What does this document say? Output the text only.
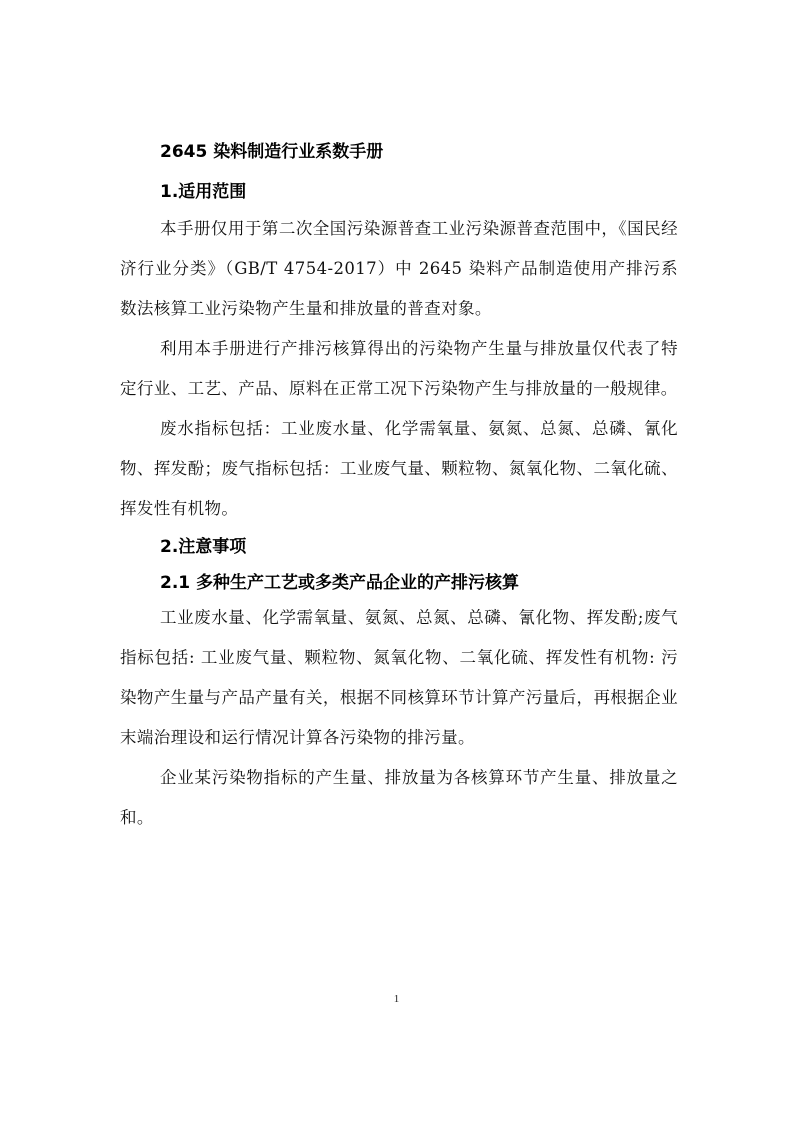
2645 染料制造行业系数手册
1.适用范围

本手册仅用于第二次全国污染源普查工业污染源普查范围中，《国民经济行业分类》（GB/T 4754-2017）中 2645 染料产品制造使用产排污系数法核算工业污染物产生量和排放量的普查对象。

利用本手册进行产排污核算得出的污染物产生量与排放量仅代表了特定行业、工艺、产品、原料在正常工况下污染物产生与排放量的一般规律。

废水指标包括：工业废水量、化学需氧量、氨氮、总氮、总磷、氰化物、挥发酚；废气指标包括：工业废气量、颗粒物、氮氧化物、二氧化硫、挥发性有机物。

2.注意事项
2.1 多种生产工艺或多类产品企业的产排污核算

工业废水量、化学需氧量、氨氮、总氮、总磷、氰化物、挥发酚;废气指标包括: 工业废气量、颗粒物、氮氧化物、二氧化硫、挥发性有机物: 污染物产生量与产品产量有关，根据不同核算环节计算产污量后，再根据企业末端治理设和运行情况计算各污染物的排污量。

企业某污染物指标的产生量、排放量为各核算环节产生量、排放量之和。

1
